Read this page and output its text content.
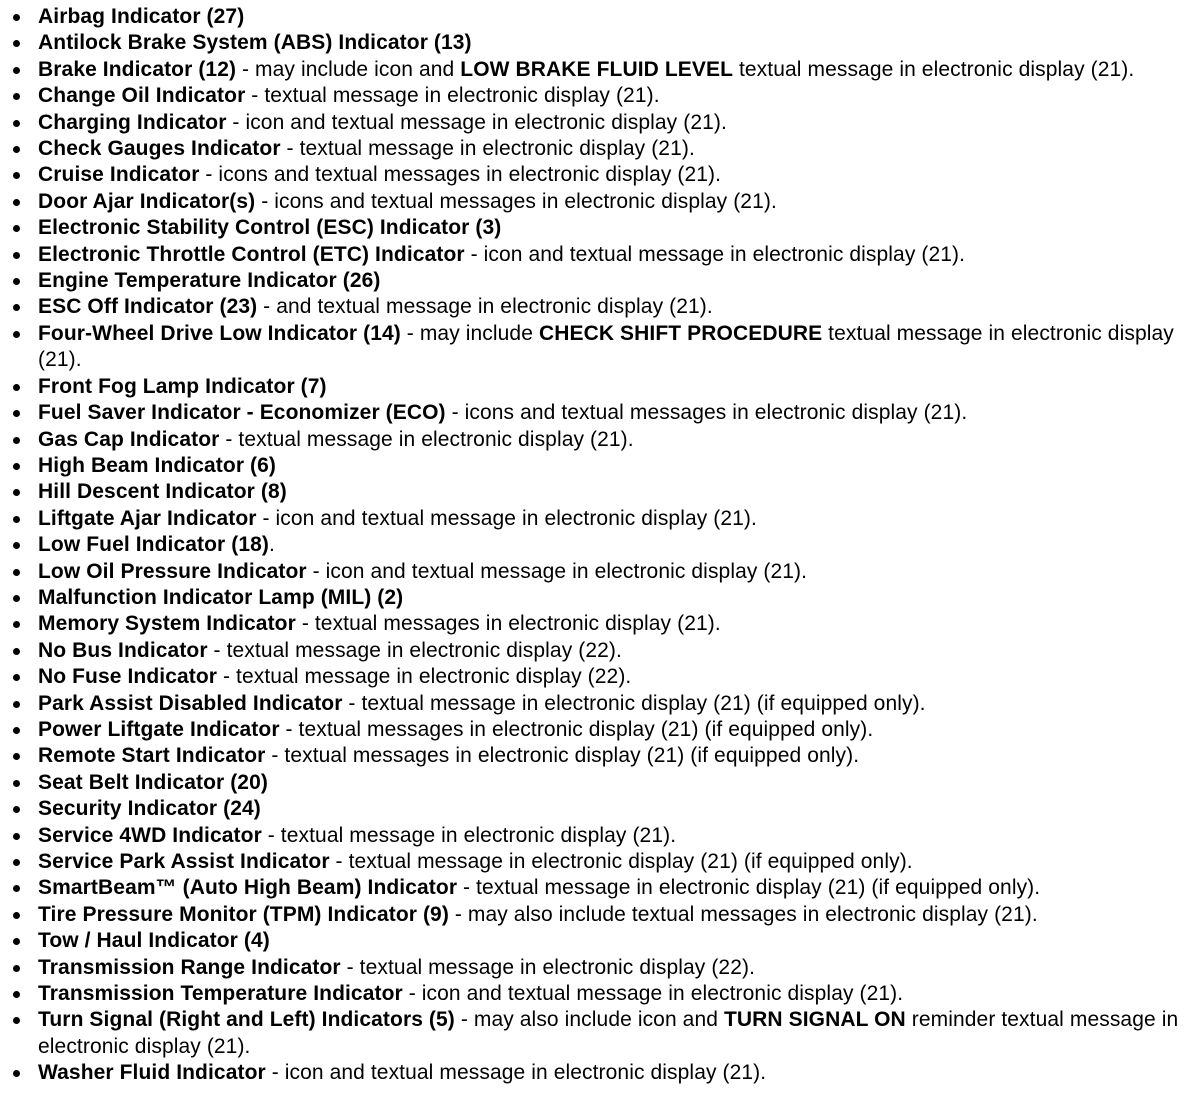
Airbag Indicator (27)
Antilock Brake System (ABS) Indicator (13)
Brake Indicator (12) - may include icon and LOW BRAKE FLUID LEVEL textual message in electronic display (21).
Change Oil Indicator - textual message in electronic display (21).
Charging Indicator - icon and textual message in electronic display (21).
Check Gauges Indicator - textual message in electronic display (21).
Cruise Indicator - icons and textual messages in electronic display (21).
Door Ajar Indicator(s) - icons and textual messages in electronic display (21).
Electronic Stability Control (ESC) Indicator (3)
Electronic Throttle Control (ETC) Indicator - icon and textual message in electronic display (21).
Engine Temperature Indicator (26)
ESC Off Indicator (23) - and textual message in electronic display (21).
Four-Wheel Drive Low Indicator (14) - may include CHECK SHIFT PROCEDURE textual message in electronic display (21).
Front Fog Lamp Indicator (7)
Fuel Saver Indicator - Economizer (ECO) - icons and textual messages in electronic display (21).
Gas Cap Indicator - textual message in electronic display (21).
High Beam Indicator (6)
Hill Descent Indicator (8)
Liftgate Ajar Indicator - icon and textual message in electronic display (21).
Low Fuel Indicator (18).
Low Oil Pressure Indicator - icon and textual message in electronic display (21).
Malfunction Indicator Lamp (MIL) (2)
Memory System Indicator - textual messages in electronic display (21).
No Bus Indicator - textual message in electronic display (22).
No Fuse Indicator - textual message in electronic display (22).
Park Assist Disabled Indicator - textual message in electronic display (21) (if equipped only).
Power Liftgate Indicator - textual messages in electronic display (21) (if equipped only).
Remote Start Indicator - textual messages in electronic display (21) (if equipped only).
Seat Belt Indicator (20)
Security Indicator (24)
Service 4WD Indicator - textual message in electronic display (21).
Service Park Assist Indicator - textual message in electronic display (21) (if equipped only).
SmartBeam™ (Auto High Beam) Indicator - textual message in electronic display (21) (if equipped only).
Tire Pressure Monitor (TPM) Indicator (9) - may also include textual messages in electronic display (21).
Tow / Haul Indicator (4)
Transmission Range Indicator - textual message in electronic display (22).
Transmission Temperature Indicator - icon and textual message in electronic display (21).
Turn Signal (Right and Left) Indicators (5) - may also include icon and TURN SIGNAL ON reminder textual message in electronic display (21).
Washer Fluid Indicator - icon and textual message in electronic display (21).
